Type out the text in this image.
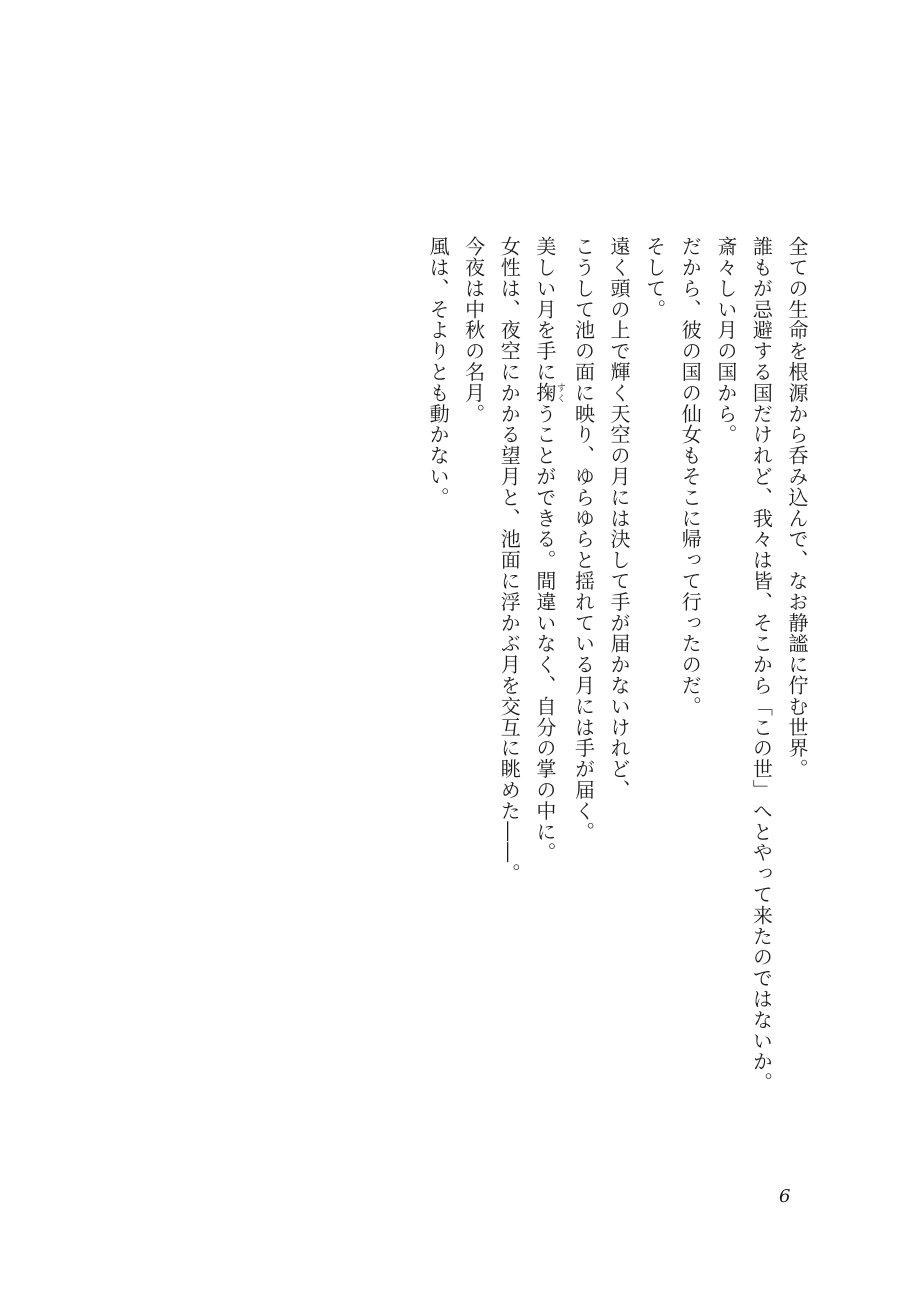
全ての生命を根源から呑み込んで、なお静謐に佇む世界。
誰もが忌避する国だけれど、我々は皆、そこから「この世」へとやって来たのではないか。
斎々しい月の国から。
だから、彼の国の仙女もそこに帰って行ったのだ。
そして。
遠く頭の上で輝く天空の月には決して手が届かないけれど、
こうして池の面に映り、ゆらゆらと揺れている月には手が届く。
美しい月を手に掬すくうことができる。間違いなく、自分の掌の中に。
女性は、夜空にかかる望月と、池面に浮かぶ月を交互に眺めた――。
今夜は中秋の名月。
風は、そよりとも動かない。
6
